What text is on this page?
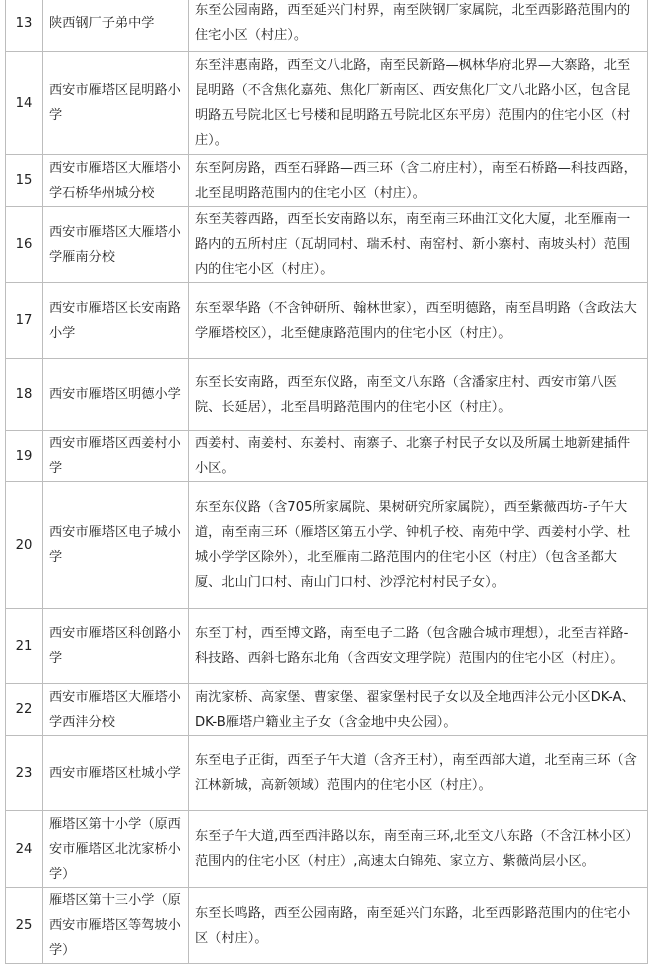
13	陕西钢厂子弟中学	东至公园南路，西至延兴门村界，南至陕钢厂家属院，北至西影路范围内的住宅小区（村庄）。
14	西安市雁塔区昆明路小学	东至沣惠南路，西至文八北路，南至民新路—枫林华府北界—大寨路，北至昆明路（不含焦化嘉苑、焦化厂新南区、西安焦化厂文八北路小区，包含昆明路五号院北区七号楼和昆明路五号院北区东平房）范围内的住宅小区（村庄）。
15	西安市雁塔区大雁塔小学石桥华州城分校	东至阿房路，西至石驿路—西三环（含二府庄村），南至石桥路—科技西路，北至昆明路范围内的住宅小区（村庄）。
16	西安市雁塔区大雁塔小学雁南分校	东至芙蓉西路，西至长安南路以东，南至南三环曲江文化大厦，北至雁南一路内的五所村庄（瓦胡同村、瑞禾村、南窑村、新小寨村、南坡头村）范围内的住宅小区（村庄）。
17	西安市雁塔区长安南路小学	东至翠华路（不含钟研所、翰林世家），西至明德路，南至昌明路（含政法大学雁塔校区），北至健康路范围内的住宅小区（村庄）。
18	西安市雁塔区明德小学	东至长安南路，西至东仪路，南至文八东路（含潘家庄村、西安市第八医院、长延居），北至昌明路范围内的住宅小区（村庄）。
19	西安市雁塔区西姜村小学	西姜村、南姜村、东姜村、南寨子、北寨子村民子女以及所属土地新建插件小区。
20	西安市雁塔区电子城小学	东至东仪路（含705所家属院、果树研究所家属院），西至紫薇西坊-子午大道，南至南三环（雁塔区第五小学、钟机子校、南苑中学、西姜村小学、杜城小学学区除外），北至雁南二路范围内的住宅小区（村庄）（包含圣都大厦、北山门口村、南山门口村、沙浮沱村村民子女）。
21	西安市雁塔区科创路小学	东至丁村，西至博文路，南至电子二路（包含融合城市理想），北至吉祥路-科技路、西斜七路东北角（含西安文理学院）范围内的住宅小区（村庄）。
22	西安市雁塔区大雁塔小学西沣分校	南沈家桥、高家堡、曹家堡、翟家堡村民子女以及全地西沣公元小区DK-A、DK-B雁塔户籍业主子女（含金地中央公园）。
23	西安市雁塔区杜城小学	东至电子正街，西至子午大道（含齐王村），南至西部大道，北至南三环（含江林新城，高新领域）范围内的住宅小区（村庄）。
24	雁塔区第十小学（原西安市雁塔区北沈家桥小学）	东至子午大道,西至西沣路以东，南至南三环,北至文八东路（不含江林小区）范围内的住宅小区（村庄）,高速太白锦苑、家立方、紫薇尚层小区。
25	雁塔区第十三小学（原西安市雁塔区等驾坡小学）	东至长鸣路，西至公园南路，南至延兴门东路，北至西影路范围内的住宅小区（村庄）。
